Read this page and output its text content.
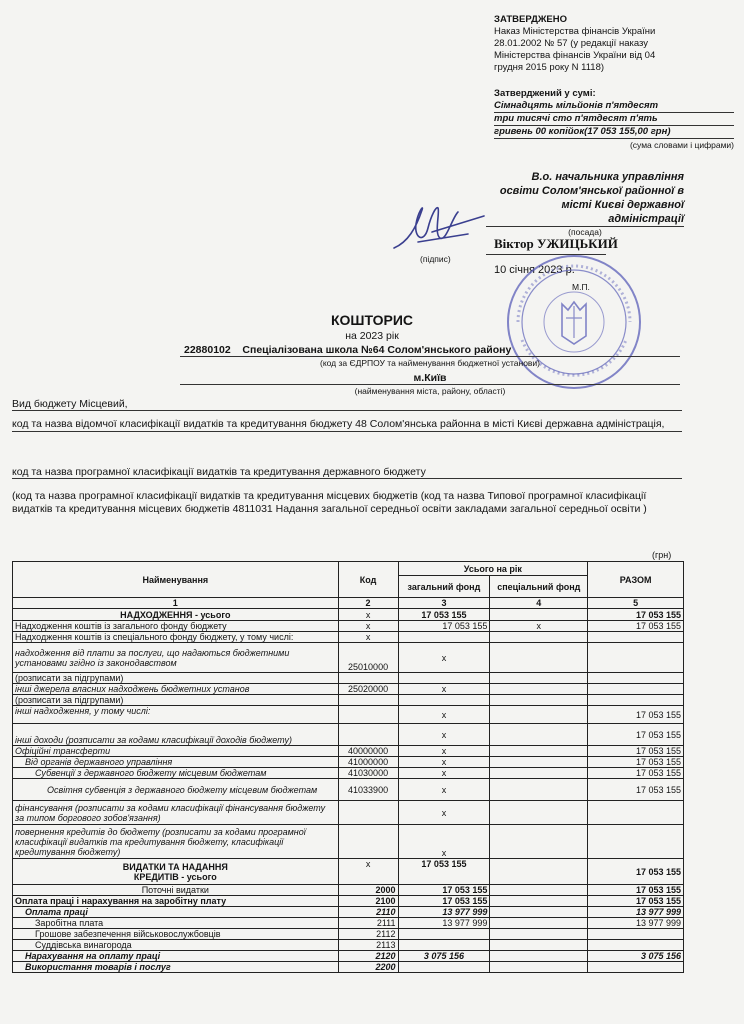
ЗАТВЕРДЖЕНО
Наказ Міністерства фінансів України
28.01.2002 № 57 (у редакції наказу
Міністерства фінансів України від 04
грудня 2015 року N 1118)
Затверджений у сумі:
Сімнадцять мільйонів п'ятдесят
три тисячі сто п'ятдесят п'ять
гривень 00 копійок(17 053 155,00 грн)
(сума словами і цифрами)
В.о. начальника управління
освіти Солом'янської районної в
місті Києві державної
адміністрації
(посада)
Віктор УЖИЦЬКИЙ
(підпис)
10 січня 2023 р.
М.П.
КОШТОРИС
на 2023 рік
22880102 Спеціалізована школа №64 Солом'янського району
(код за ЄДРПОУ та найменування бюджетної установи)
м.Київ
(найменування міста, району, області)
Вид бюджету Місцевий,
код та назва відомчої класифікації видатків та кредитування бюджету 48 Солом'янська районна в місті Києві державна адміністрація,
код та назва програмної класифікації видатків та кредитування державного бюджету
(код та назва програмної класифікації видатків та кредитування місцевих бюджетів (код та назва Типової програмної класифікації видатків та кредитування місцевих бюджетів 4811031 Надання загальної середньої освіти закладами загальної середньої освіти )
(грн)
Найменування	Код	Усього на рік		РАЗОМ
		загальний фонд	спеціальний фонд	
1	2	3	4	5
НАДХОДЖЕННЯ - усього	х	17 053 155		17 053 155
Надходження коштів із загального фонду бюджету	х	17 053 155	х	17 053 155
Надходження коштів із спеціального фонду бюджету, у тому числі:	х			
надходження від плати за послуги, що надаються бюджетними установами згідно із законодавством	25010000	х		
(розписати за підгрупами)				
інші джерела власних надходжень бюджетних установ	25020000	х		
(розписати за підгрупами)				
інші надходження, у тому числі:		х		17 053 155
інші доходи (розписати за кодами класифікації доходів бюджету)		х		17 053 155
Офіційні трансферти	40000000	х		17 053 155
Від органів державного управління	41000000	х		17 053 155
Субвенції з державного бюджету місцевим бюджетам	41030000	х		17 053 155
Освітня субвенція з державного бюджету місцевим бюджетам	41033900	х		17 053 155
фінансування (розписати за кодами класифікації фінансування бюджету за типом боргового зобов'язання)		х		
повернення кредитів до бюджету (розписати за кодами програмної класифікації видатків та кредитування бюджету, класифікації кредитування бюджету)		х		
ВИДАТКИ ТА НАДАННЯ КРЕДИТІВ - усього	х	17 053 155		17 053 155
Поточні видатки	2000	17 053 155		17 053 155
Оплата праці і нарахування на заробітну плату	2100	17 053 155		17 053 155
Оплата праці	2110	13 977 999		13 977 999
Заробітна плата	2111	13 977 999		13 977 999
Грошове забезпечення військовослужбовців	2112			
Суддівська винагорода	2113			
Нарахування на оплату праці	2120	3 075 156		3 075 156
Використання товарів і послуг	2200			
